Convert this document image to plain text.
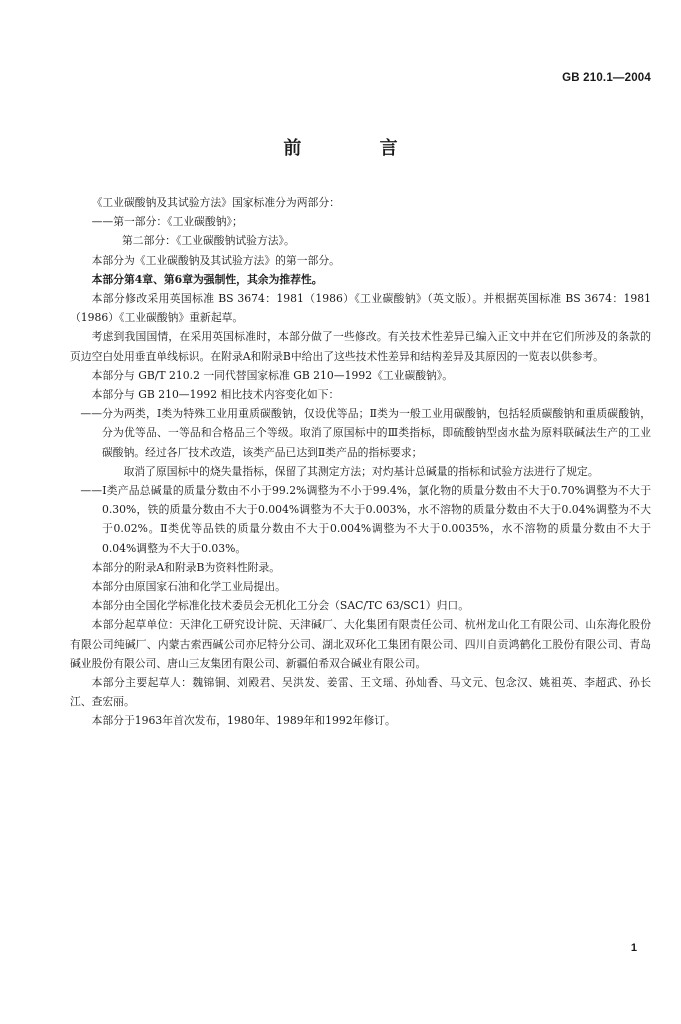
GB 210.1—2004
前 言

《工业碳酸钠及其试验方法》国家标准分为两部分：

——第一部分：《工业碳酸钠》；

第二部分：《工业碳酸钠试验方法》。

本部分为《工业碳酸钠及其试验方法》的第一部分。

本部分第4章、第6章为强制性，其余为推荐性。

本部分修改采用英国标准 BS 3674：1981（1986）《工业碳酸钠》（英文版）。并根据英国标准 BS 3674：1981（1986）《工业碳酸钠》重新起草。

考虑到我国国情，在采用英国标准时，本部分做了一些修改。有关技术性差异已编入正文中并在它们所涉及的条款的页边空白处用垂直单线标识。在附录A和附录B中给出了这些技术性差异和结构差异及其原因的一览表以供参考。

本部分与 GB/T 210.2 一同代替国家标准 GB 210—1992《工业碳酸钠》。

本部分与 GB 210—1992 相比技术内容变化如下：

——分为两类，Ⅰ类为特殊工业用重质碳酸钠，仅设优等品；Ⅱ类为一般工业用碳酸钠，包括轻质碳酸钠和重质碳酸钠，分为优等品、一等品和合格品三个等级。取消了原国标中的Ⅲ类指标，即硫酸钠型卤水盐为原料联碱法生产的工业碳酸钠。经过各厂技术改造，该类产品已达到Ⅱ类产品的指标要求；

取消了原国标中的烧失量指标，保留了其测定方法；对灼基计总碱量的指标和试验方法进行了规定。

——Ⅰ类产品总碱量的质量分数由不小于99.2%调整为不小于99.4%，氯化物的质量分数由不大于0.70%调整为不大于0.30%，铁的质量分数由不大于0.004%调整为不大于0.003%，水不溶物的质量分数由不大于0.04%调整为不大于0.02%。Ⅱ类优等品铁的质量分数由不大于0.004%调整为不大于0.0035%，水不溶物的质量分数由不大于0.04%调整为不大于0.03%。

本部分的附录A和附录B为资料性附录。

本部分由原国家石油和化学工业局提出。

本部分由全国化学标准化技术委员会无机化工分会（SAC/TC 63/SC1）归口。

本部分起草单位：天津化工研究设计院、天津碱厂、大化集团有限责任公司、杭州龙山化工有限公司、山东海化股份有限公司纯碱厂、内蒙古索西碱公司亦尼特分公司、湖北双环化工集团有限公司、四川自贡鸿鹤化工股份有限公司、青岛碱业股份有限公司、唐山三友集团有限公司、新疆伯希双合碱业有限公司。

本部分主要起草人：魏锦铜、刘殿君、吴洪发、姜雷、王文瑶、孙灿香、马文元、包念汉、姚祖英、李超武、孙长江、查宏丽。

本部分于1963年首次发布，1980年、1989年和1992年修订。

1
